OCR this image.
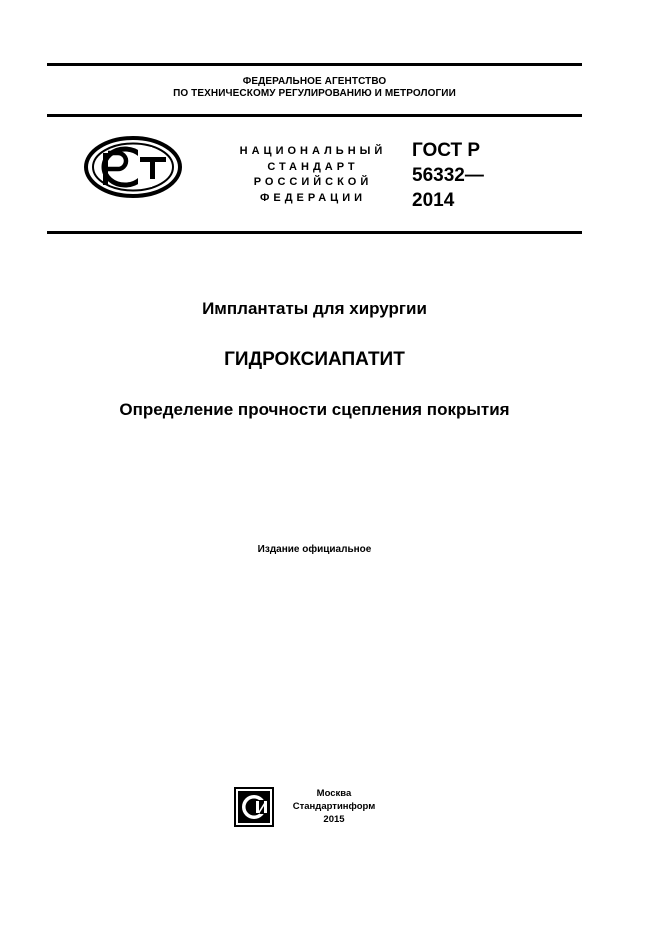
ФЕДЕРАЛЬНОЕ АГЕНТСТВО
ПО ТЕХНИЧЕСКОМУ РЕГУЛИРОВАНИЮ И МЕТРОЛОГИИ
НАЦИОНАЛЬНЫЙ
СТАНДАРТ
РОССИЙСКОЙ
ФЕДЕРАЦИИ
ГОСТ Р
56332—
2014
Имплантаты для хирургии
ГИДРОКСИАПАТИТ
Определение прочности сцепления покрытия
Издание официальное
Москва
Стандартинформ
2015
